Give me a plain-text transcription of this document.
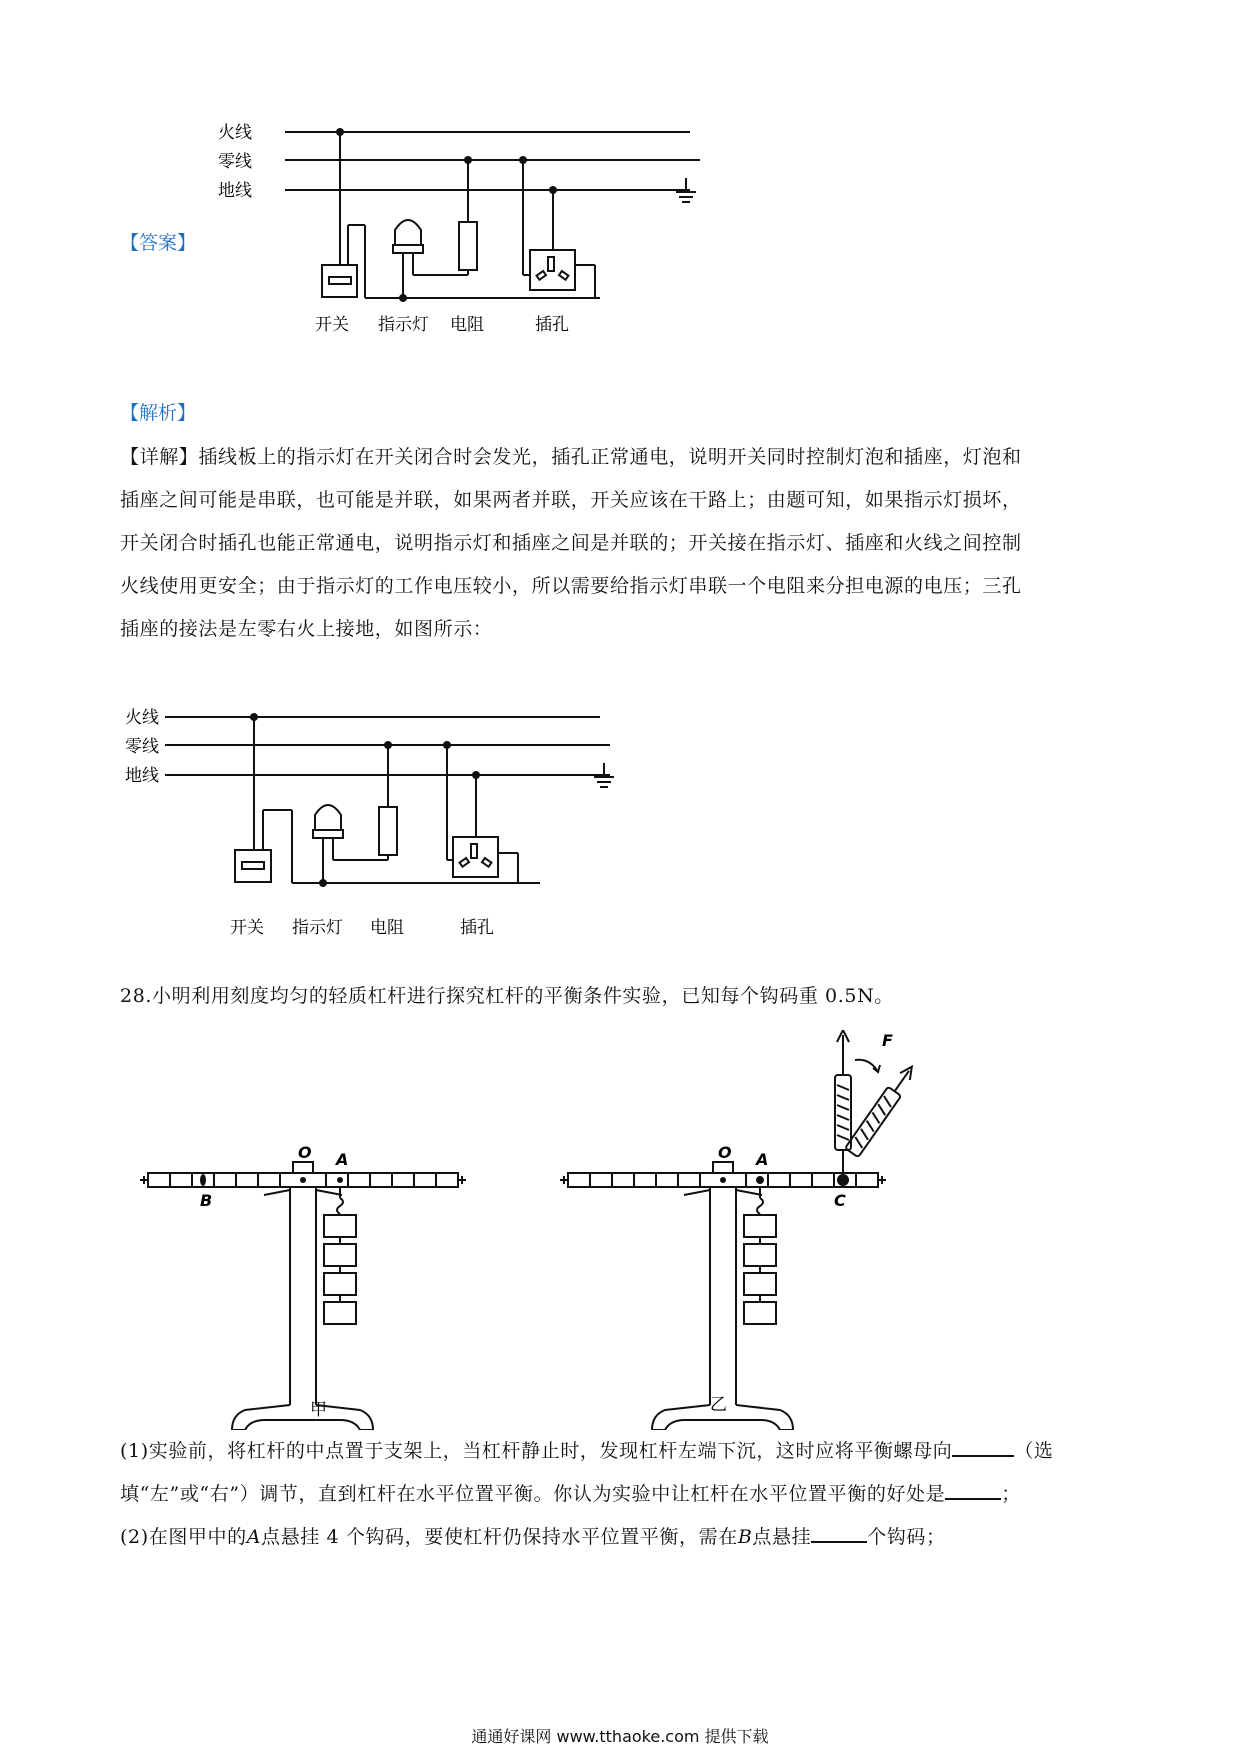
火线
零线
地线
开关 指示灯 电阻	插孔
【答案】
【解析】
【详解】插线板上的指示灯在开关闭合时会发光，插孔正常通电，说明开关同时控制灯泡和插座，灯泡和
插座之间可能是串联，也可能是并联，如果两者并联，开关应该在干路上；由题可知，如果指示灯损坏，
开关闭合时插孔也能正常通电，说明指示灯和插座之间是并联的；开关接在指示灯、插座和火线之间控制
火线使用更安全；由于指示灯的工作电压较小，所以需要给指示灯串联一个电阻来分担电源的电压；三孔
插座的接法是左零右火上接地，如图所示：
火线
零线
地线
开关 指示灯 电阻	插孔
28.小明利用刻度均匀的轻质杠杆进行探究杠杆的平衡条件实验，已知每个钩码重 0.5N。
O A
B
甲
O A
C
F
乙
(1)实验前，将杠杆的中点置于支架上，当杠杆静止时，发现杠杆左端下沉，这时应将平衡螺母向	（选
填“左”或“右”）调节，直到杠杆在水平位置平衡。你认为实验中让杠杆在水平位置平衡的好处是	；
(2)在图甲中的A点悬挂 4 个钩码，要使杠杆仍保持水平位置平衡，需在B点悬挂	个钩码；
通通好课网 www.tthaoke.com 提供下载
